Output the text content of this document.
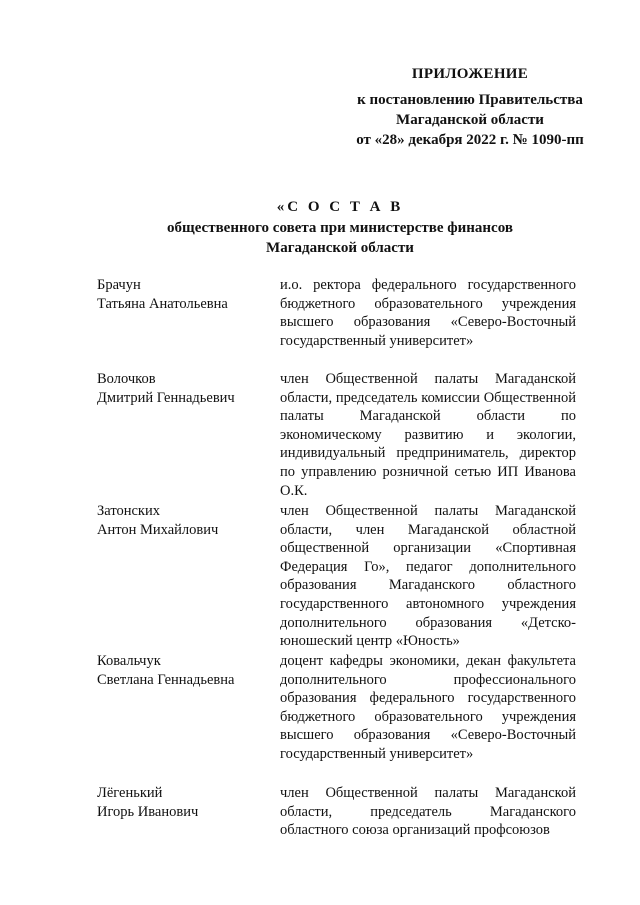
ПРИЛОЖЕНИЕ
к постановлению Правительства
Магаданской области
от «28» декабря 2022 г. № 1090-пп
«С О С Т А В
общественного совета при министерстве финансов
Магаданской области
Брачун
Татьяна Анатольевна
и.о. ректора федерального государственного бюджетного образовательного учреждения высшего образования «Северо-Восточный государственный университет»
Волочков
Дмитрий Геннадьевич
член Общественной палаты Магаданской области, председатель комиссии Общественной палаты Магаданской области по экономическому развитию и экологии, индивидуальный предприниматель, директор по управлению розничной сетью ИП Иванова О.К.
Затонских
Антон Михайлович
член Общественной палаты Магаданской области, член Магаданской областной общественной организации «Спортивная Федерация Го», педагог дополнительного образования Магаданского областного государственного автономного учреждения дополнительного образования «Детско-юношеский центр «Юность»
Ковальчук
Светлана Геннадьевна
доцент кафедры экономики, декан факультета дополнительного профессионального образования федерального государственного бюджетного образовательного учреждения высшего образования «Северо-Восточный государственный университет»
Лёгенький
Игорь Иванович
член Общественной палаты Магаданской области, председатель Магаданского областного союза организаций профсоюзов
